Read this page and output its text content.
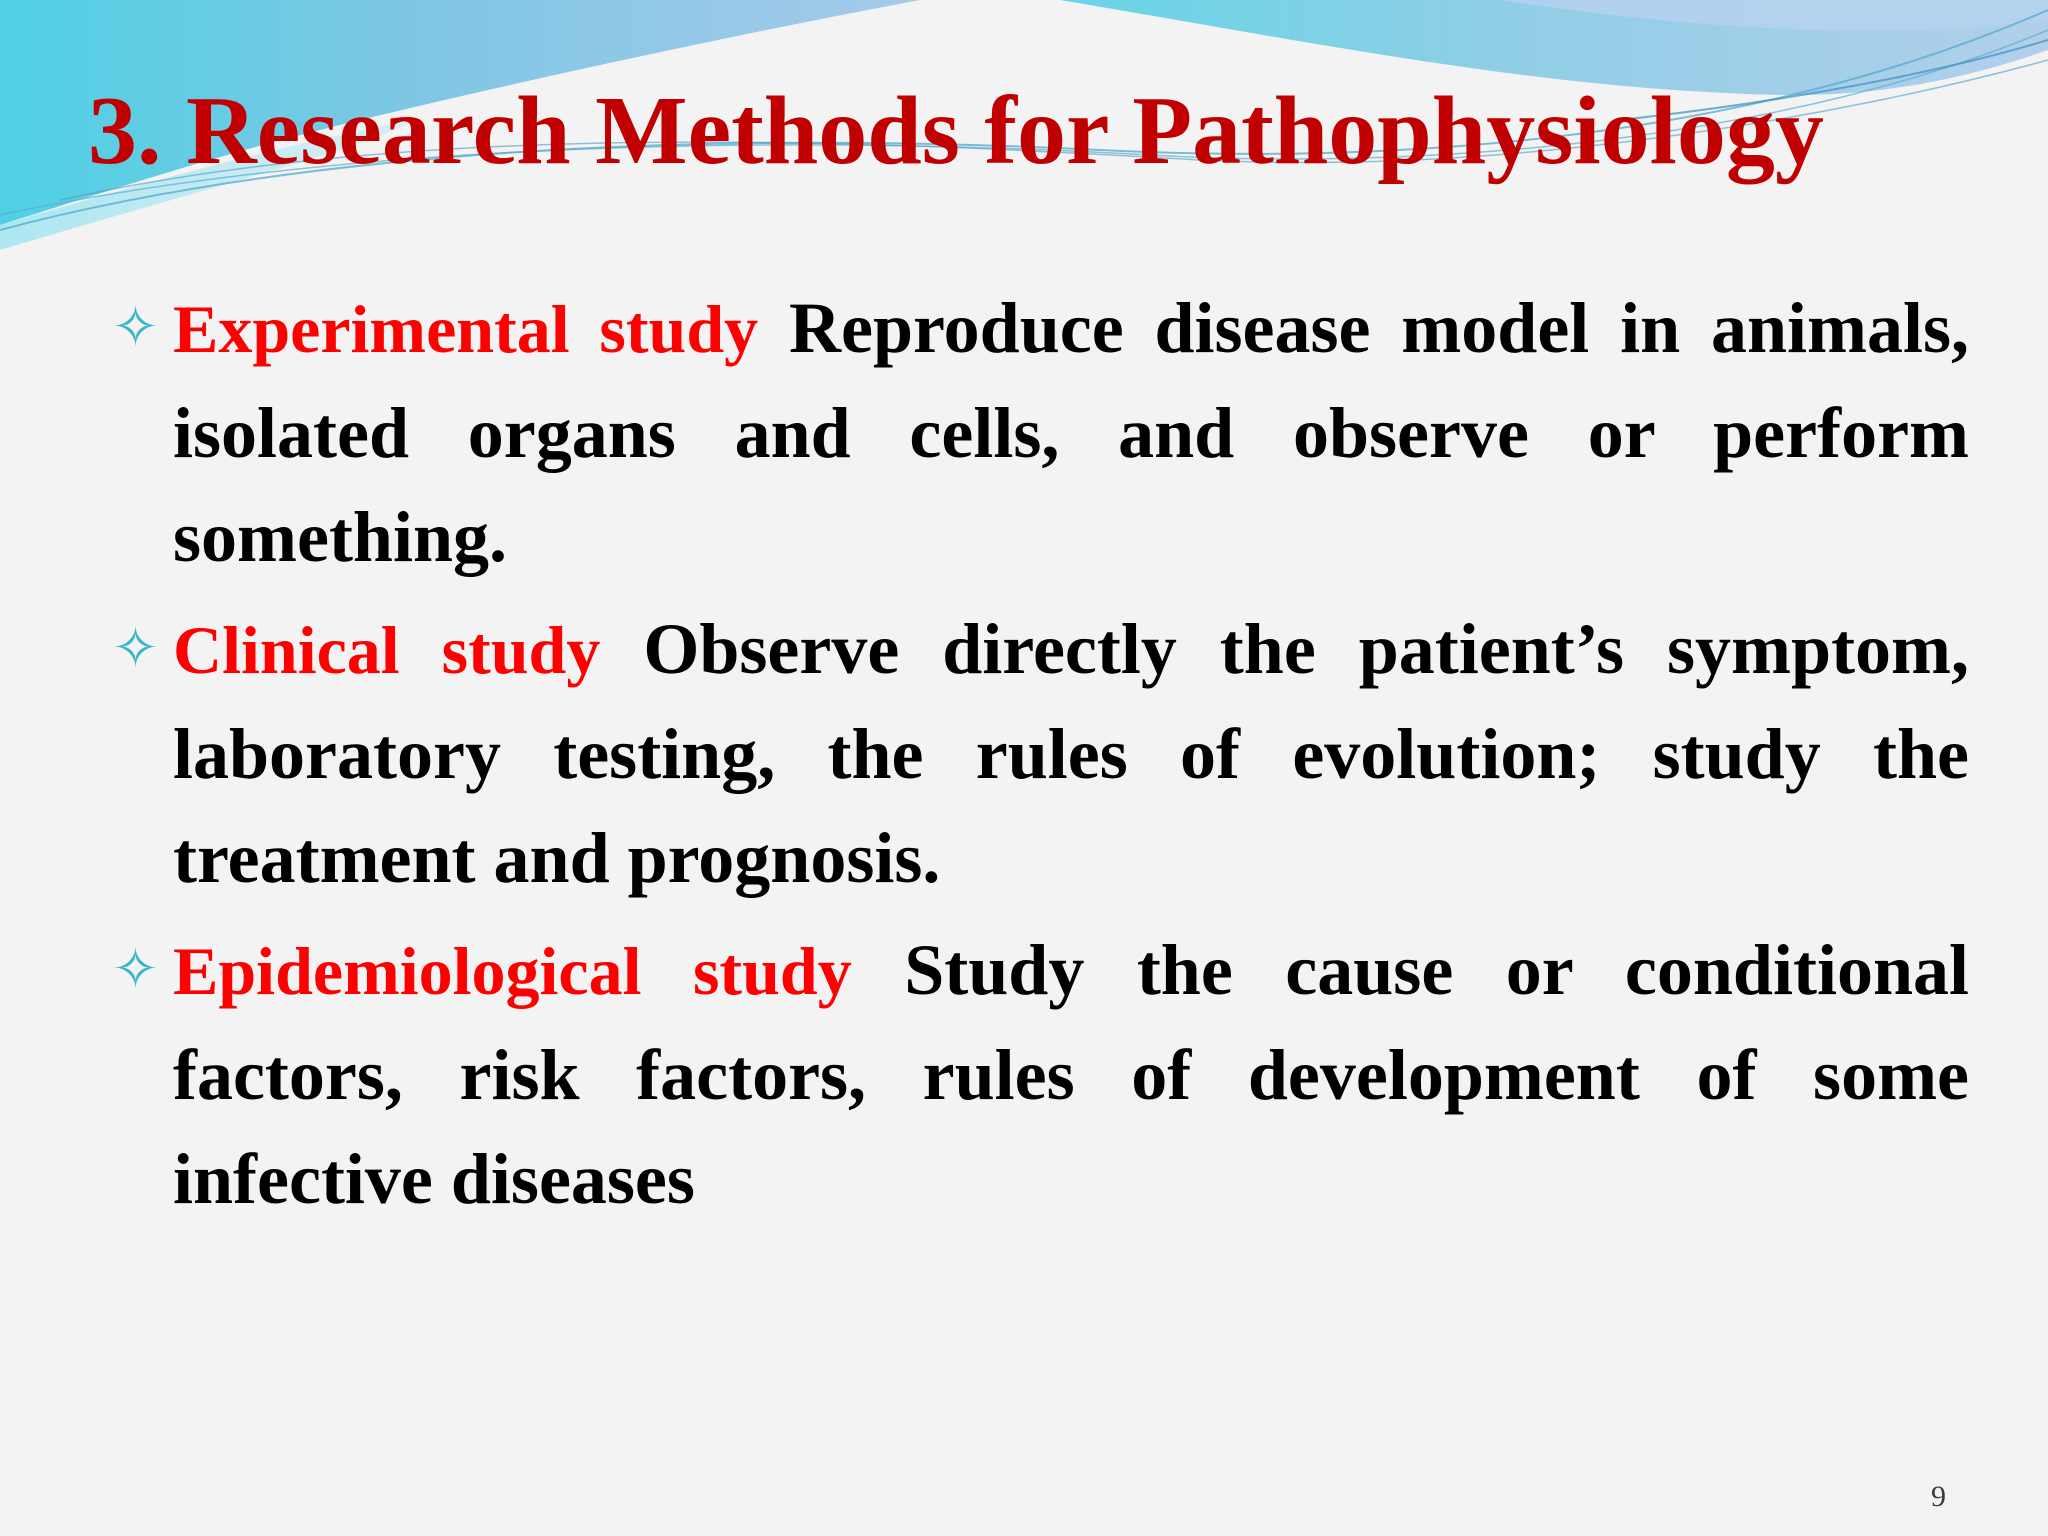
3. Research Methods for Pathophysiology

✧ Experimental study Reproduce disease model in animals, isolated organs and cells, and observe or perform something.

✧ Clinical study Observe directly the patient’s symptom, laboratory testing, the rules of evolution; study the treatment and prognosis.

✧ Epidemiological study Study the cause or conditional factors, risk factors, rules of development of some infective diseases

9
